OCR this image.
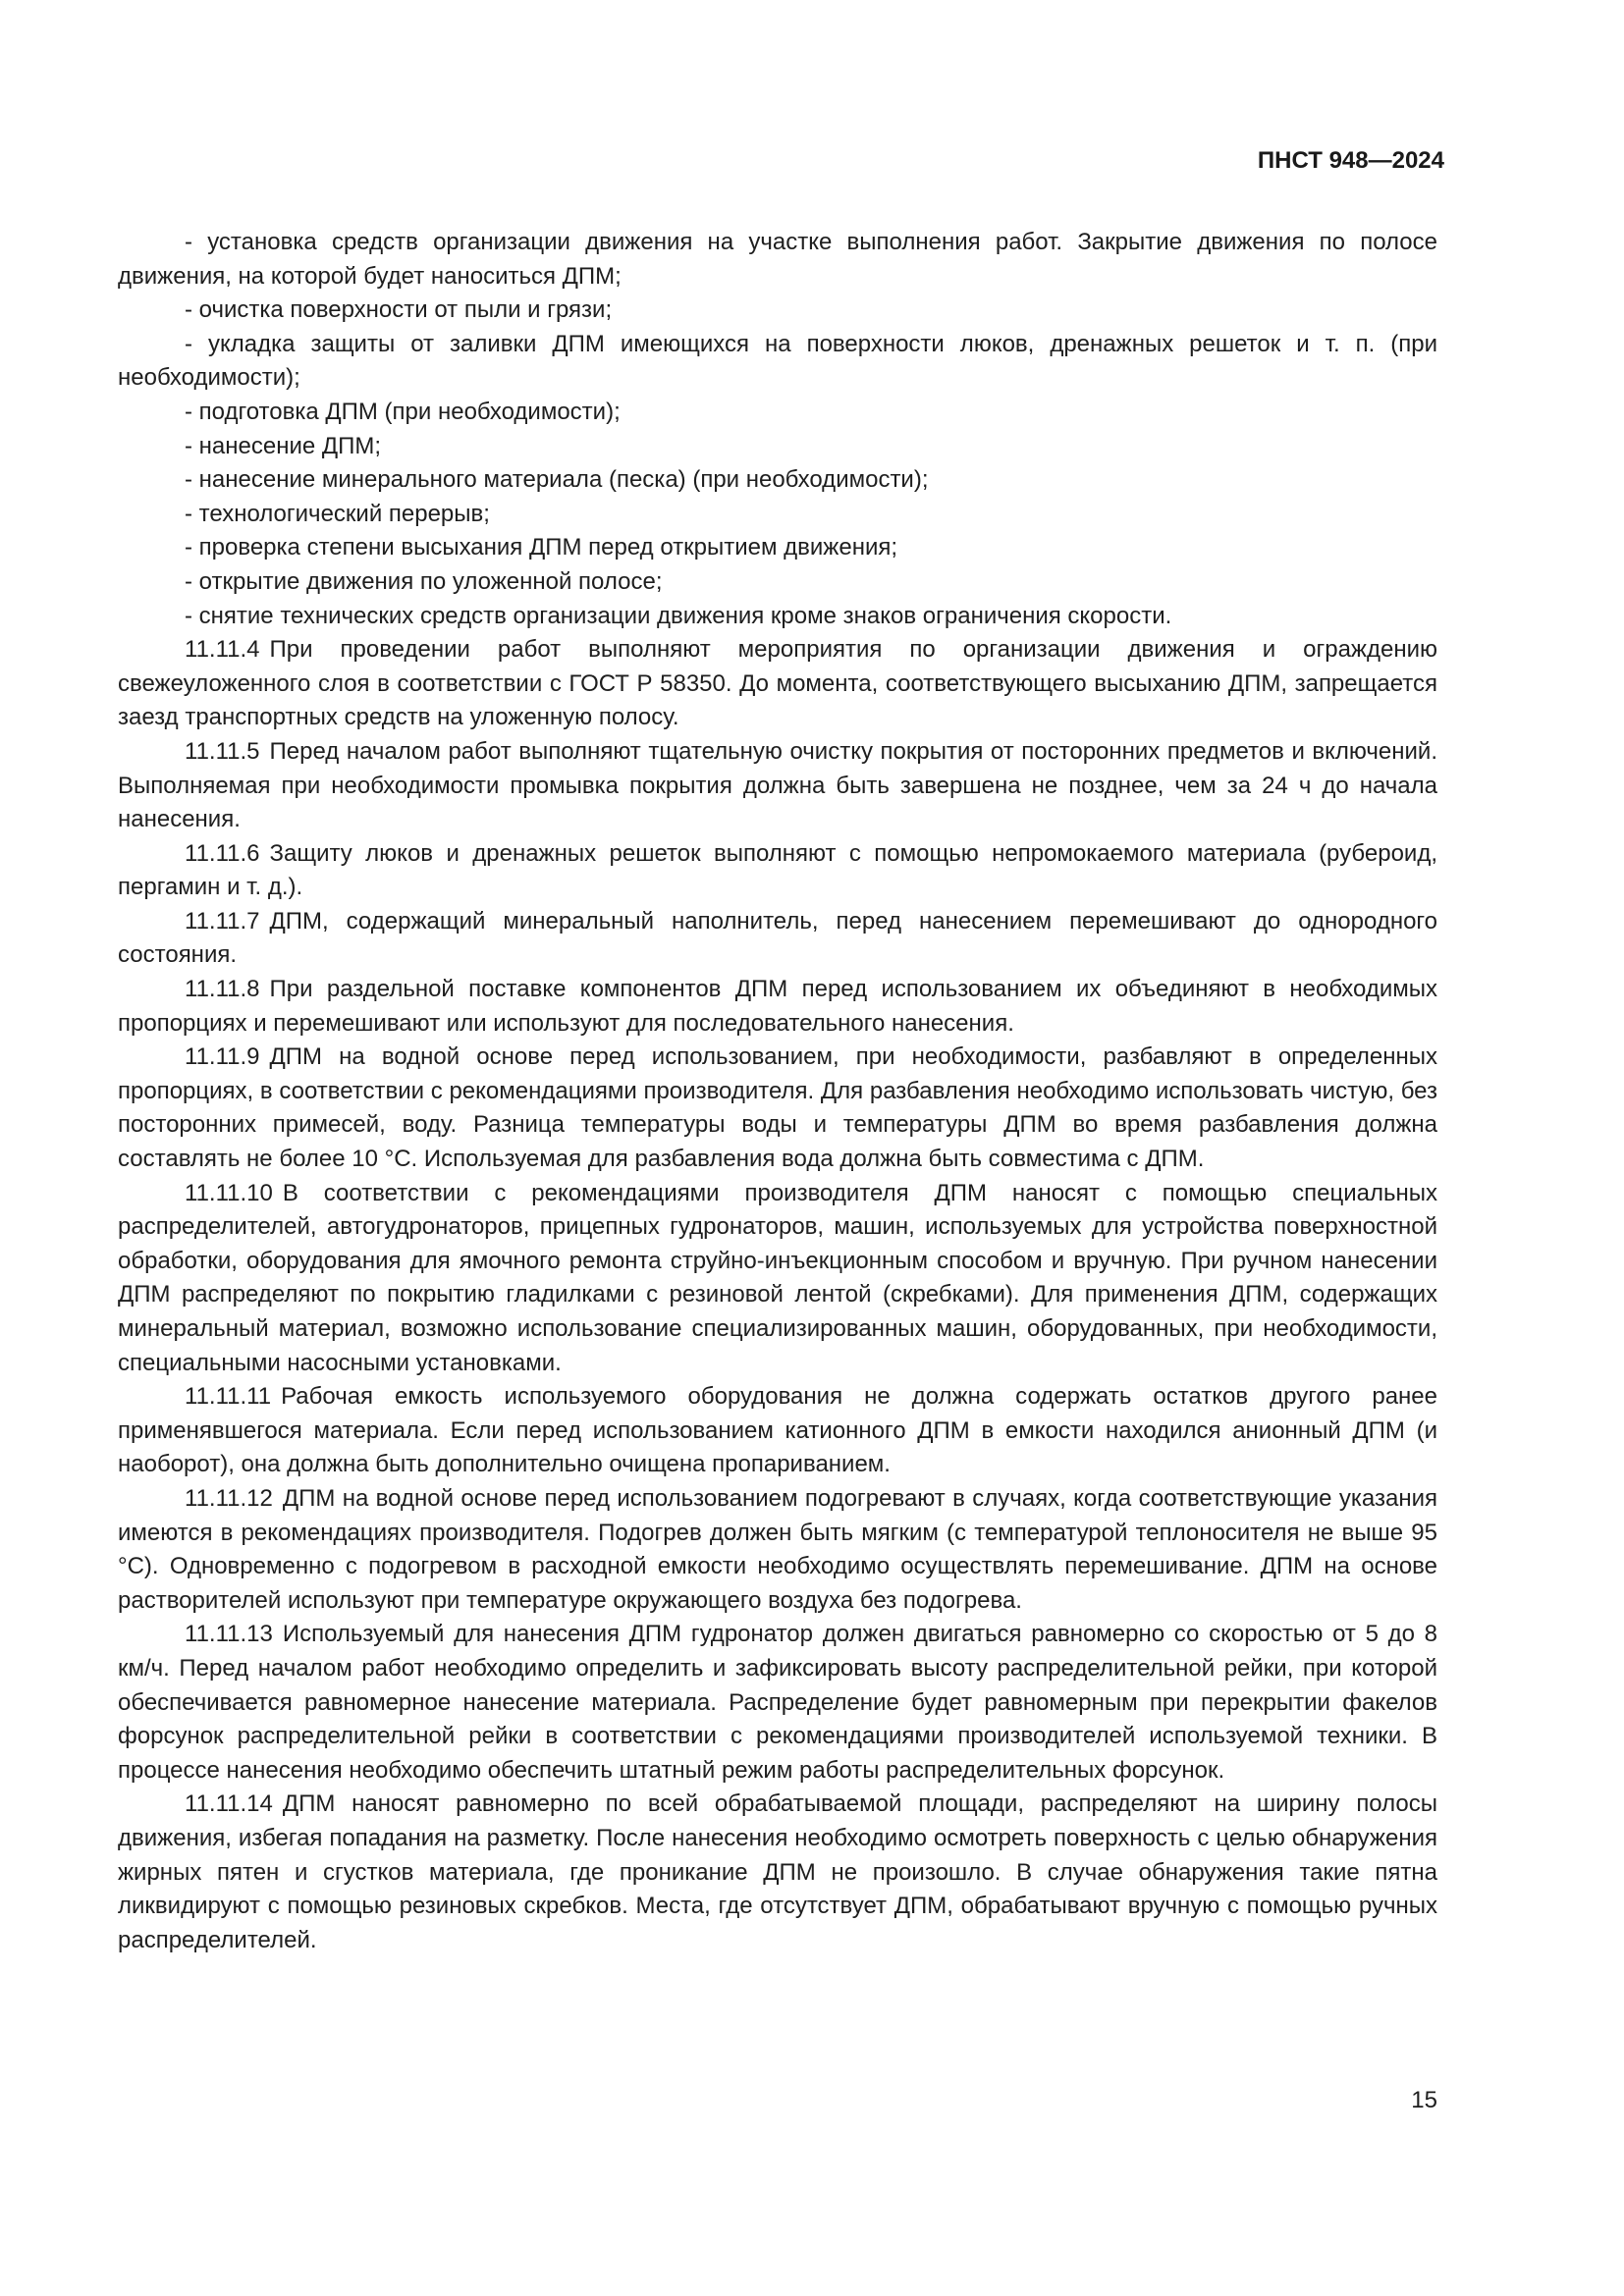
ПНСТ 948—2024
- установка средств организации движения на участке выполнения работ. Закрытие движения по полосе движения, на которой будет наноситься ДПМ;
- очистка поверхности от пыли и грязи;
- укладка защиты от заливки ДПМ имеющихся на поверхности люков, дренажных решеток и т. п. (при необходимости);
- подготовка ДПМ (при необходимости);
- нанесение ДПМ;
- нанесение минерального материала (песка) (при необходимости);
- технологический перерыв;
- проверка степени высыхания ДПМ перед открытием движения;
- открытие движения по уложенной полосе;
- снятие технических средств организации движения кроме знаков ограничения скорости.

11.11.4 При проведении работ выполняют мероприятия по организации движения и ограждению свежеуложенного слоя в соответствии с ГОСТ Р 58350. До момента, соответствующего высыханию ДПМ, запрещается заезд транспортных средств на уложенную полосу.

11.11.5 Перед началом работ выполняют тщательную очистку покрытия от посторонних предметов и включений. Выполняемая при необходимости промывка покрытия должна быть завершена не позднее, чем за 24 ч до начала нанесения.

11.11.6 Защиту люков и дренажных решеток выполняют с помощью непромокаемого материала (рубероид, пергамин и т. д.).

11.11.7 ДПМ, содержащий минеральный наполнитель, перед нанесением перемешивают до однородного состояния.

11.11.8 При раздельной поставке компонентов ДПМ перед использованием их объединяют в необходимых пропорциях и перемешивают или используют для последовательного нанесения.

11.11.9 ДПМ на водной основе перед использованием, при необходимости, разбавляют в определенных пропорциях, в соответствии с рекомендациями производителя. Для разбавления необходимо использовать чистую, без посторонних примесей, воду. Разница температуры воды и температуры ДПМ во время разбавления должна составлять не более 10 °С. Используемая для разбавления вода должна быть совместима с ДПМ.

11.11.10 В соответствии с рекомендациями производителя ДПМ наносят с помощью специальных распределителей, автогудронаторов, прицепных гудронаторов, машин, используемых для устройства поверхностной обработки, оборудования для ямочного ремонта струйно-инъекционным способом и вручную. При ручном нанесении ДПМ распределяют по покрытию гладилками с резиновой лентой (скребками). Для применения ДПМ, содержащих минеральный материал, возможно использование специализированных машин, оборудованных, при необходимости, специальными насосными установками.

11.11.11 Рабочая емкость используемого оборудования не должна содержать остатков другого ранее применявшегося материала. Если перед использованием катионного ДПМ в емкости находился анионный ДПМ (и наоборот), она должна быть дополнительно очищена пропариванием.

11.11.12 ДПМ на водной основе перед использованием подогревают в случаях, когда соответствующие указания имеются в рекомендациях производителя. Подогрев должен быть мягким (с температурой теплоносителя не выше 95 °С). Одновременно с подогревом в расходной емкости необходимо осуществлять перемешивание. ДПМ на основе растворителей используют при температуре окружающего воздуха без подогрева.

11.11.13 Используемый для нанесения ДПМ гудронатор должен двигаться равномерно со скоростью от 5 до 8 км/ч. Перед началом работ необходимо определить и зафиксировать высоту распределительной рейки, при которой обеспечивается равномерное нанесение материала. Распределение будет равномерным при перекрытии факелов форсунок распределительной рейки в соответствии с рекомендациями производителей используемой техники. В процессе нанесения необходимо обеспечить штатный режим работы распределительных форсунок.

11.11.14 ДПМ наносят равномерно по всей обрабатываемой площади, распределяют на ширину полосы движения, избегая попадания на разметку. После нанесения необходимо осмотреть поверхность с целью обнаружения жирных пятен и сгустков материала, где проникание ДПМ не произошло. В случае обнаружения такие пятна ликвидируют с помощью резиновых скребков. Места, где отсутствует ДПМ, обрабатывают вручную с помощью ручных распределителей.

15
